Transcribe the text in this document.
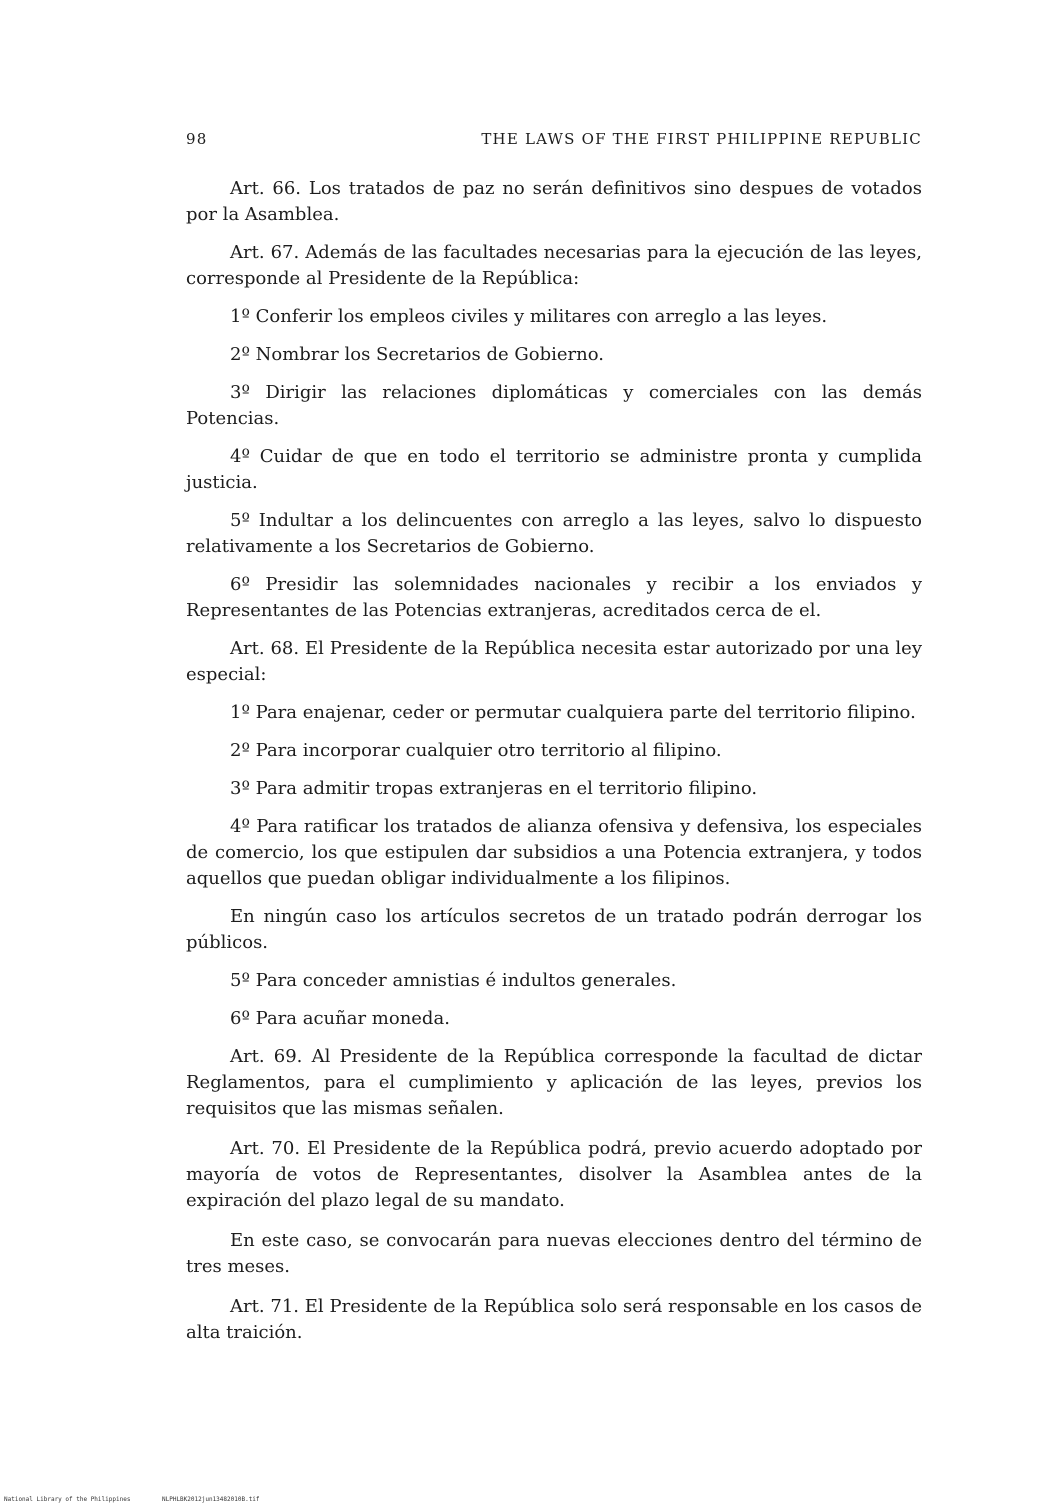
98	THE LAWS OF THE FIRST PHILIPPINE REPUBLIC

Art. 66. Los tratados de paz no serán definitivos sino despues de votados por la Asamblea.

Art. 67. Además de las facultades necesarias para la ejecución de las leyes, corresponde al Presidente de la República:

1º Conferir los empleos civiles y militares con arreglo a las leyes.

2º Nombrar los Secretarios de Gobierno.

3º Dirigir las relaciones diplomáticas y comerciales con las demás Potencias.

4º Cuidar de que en todo el territorio se administre pronta y cumplida justicia.

5º Indultar a los delincuentes con arreglo a las leyes, salvo lo dispuesto relativamente a los Secretarios de Gobierno.

6º Presidir las solemnidades nacionales y recibir a los enviados y Representantes de las Potencias extranjeras, acreditados cerca de el.

Art. 68. El Presidente de la República necesita estar autorizado por una ley especial:

1º Para enajenar, ceder or permutar cualquiera parte del territorio filipino.

2º Para incorporar cualquier otro territorio al filipino.

3º Para admitir tropas extranjeras en el territorio filipino.

4º Para ratificar los tratados de alianza ofensiva y defensiva, los especiales de comercio, los que estipulen dar subsidios a una Potencia extranjera, y todos aquellos que puedan obligar individualmente a los filipinos.

En ningún caso los artículos secretos de un tratado podrán derrogar los públicos.

5º Para conceder amnistias é indultos generales.

6º Para acuñar moneda.

Art. 69. Al Presidente de la República corresponde la facultad de dictar Reglamentos, para el cumplimiento y aplicación de las leyes, previos los requisitos que las mismas señalen.

Art. 70. El Presidente de la República podrá, previo acuerdo adoptado por mayoría de votos de Representantes, disolver la Asamblea antes de la expiración del plazo legal de su mandato.

En este caso, se convocarán para nuevas elecciones dentro del término de tres meses.

Art. 71. El Presidente de la República solo será responsable en los casos de alta traición.

National Library of the Philippines	NLPHLBK2012jun13482010B.tif
